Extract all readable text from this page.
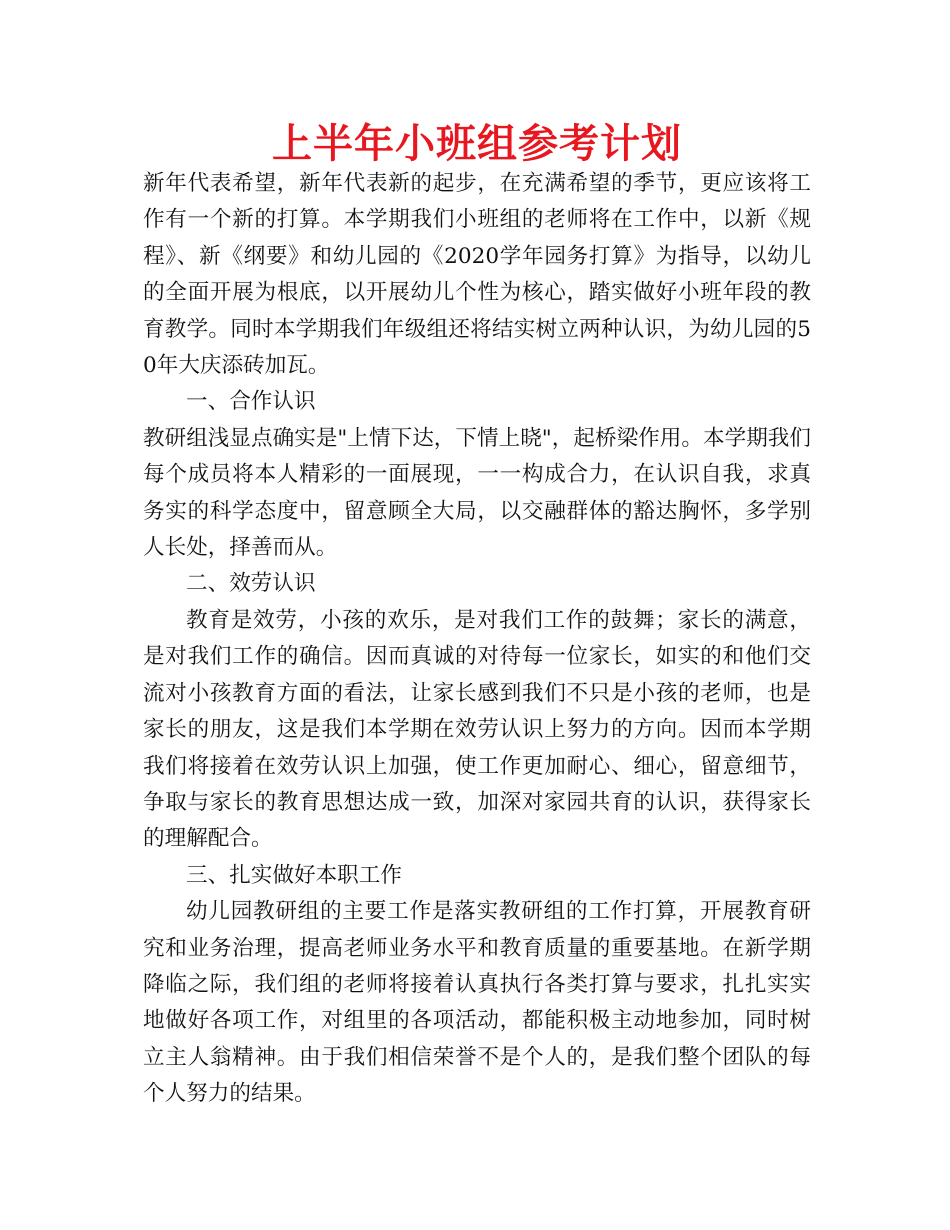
上半年小班组参考计划

新年代表希望，新年代表新的起步，在充满希望的季节，更应该将工作有一个新的打算。本学期我们小班组的老师将在工作中，以新《规程》、新《纲要》和幼儿园的《2020学年园务打算》为指导，以幼儿的全面开展为根底，以开展幼儿个性为核心，踏实做好小班年段的教育教学。同时本学期我们年级组还将结实树立两种认识，为幼儿园的50年大庆添砖加瓦。

一、合作认识

教研组浅显点确实是"上情下达，下情上晓"，起桥梁作用。本学期我们每个成员将本人精彩的一面展现，一一构成合力，在认识自我，求真务实的科学态度中，留意顾全大局，以交融群体的豁达胸怀，多学别人长处，择善而从。

二、效劳认识

教育是效劳，小孩的欢乐，是对我们工作的鼓舞；家长的满意，是对我们工作的确信。因而真诚的对待每一位家长，如实的和他们交流对小孩教育方面的看法，让家长感到我们不只是小孩的老师，也是家长的朋友，这是我们本学期在效劳认识上努力的方向。因而本学期我们将接着在效劳认识上加强，使工作更加耐心、细心，留意细节，争取与家长的教育思想达成一致，加深对家园共育的认识，获得家长的理解配合。

三、扎实做好本职工作

幼儿园教研组的主要工作是落实教研组的工作打算，开展教育研究和业务治理，提高老师业务水平和教育质量的重要基地。在新学期降临之际，我们组的老师将接着认真执行各类打算与要求，扎扎实实地做好各项工作，对组里的各项活动，都能积极主动地参加，同时树立主人翁精神。由于我们相信荣誉不是个人的，是我们整个团队的每个人努力的结果。
